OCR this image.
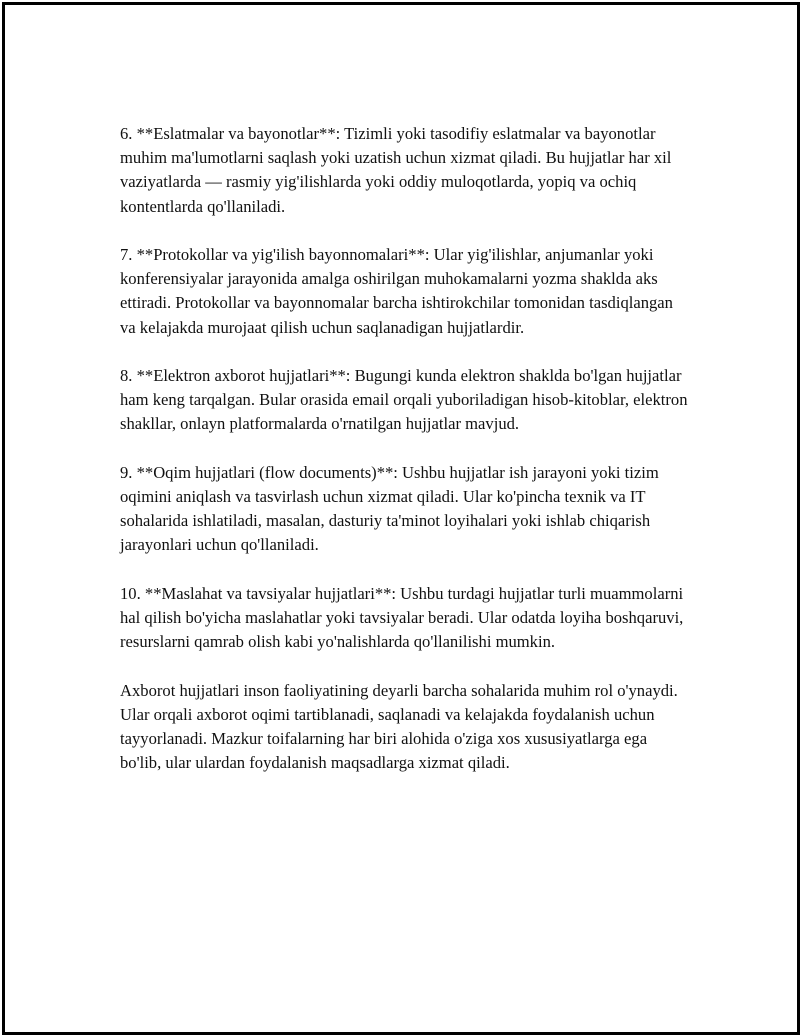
6. **Eslatmalar va bayonotlar**: Tizimli yoki tasodifiy eslatmalar va bayonotlar muhim ma'lumotlarni saqlash yoki uzatish uchun xizmat qiladi. Bu hujjatlar har xil vaziyatlarda — rasmiy yig'ilishlarda yoki oddiy muloqotlarda, yopiq va ochiq kontentlarda qo'llaniladi.

7. **Protokollar va yig'ilish bayonnomalari**: Ular yig'ilishlar, anjumanlar yoki konferensiyalar jarayonida amalga oshirilgan muhokamalarni yozma shaklda aks ettiradi. Protokollar va bayonnomalar barcha ishtirokchilar tomonidan tasdiqlangan va kelajakda murojaat qilish uchun saqlanadigan hujjatlardir.

8. **Elektron axborot hujjatlari**: Bugungi kunda elektron shaklda bo'lgan hujjatlar ham keng tarqalgan. Bular orasida email orqali yuboriladigan hisob-kitoblar, elektron shakllar, onlayn platformalarda o'rnatilgan hujjatlar mavjud.

9. **Oqim hujjatlari (flow documents)**: Ushbu hujjatlar ish jarayoni yoki tizim oqimini aniqlash va tasvirlash uchun xizmat qiladi. Ular ko'pincha texnik va IT sohalarida ishlatiladi, masalan, dasturiy ta'minot loyihalari yoki ishlab chiqarish jarayonlari uchun qo'llaniladi.

10. **Maslahat va tavsiyalar hujjatlari**: Ushbu turdagi hujjatlar turli muammolarni hal qilish bo'yicha maslahatlar yoki tavsiyalar beradi. Ular odatda loyiha boshqaruvi, resurslarni qamrab olish kabi yo'nalishlarda qo'llanilishi mumkin.

Axborot hujjatlari inson faoliyatining deyarli barcha sohalarida muhim rol o'ynaydi. Ular orqali axborot oqimi tartiblanadi, saqlanadi va kelajakda foydalanish uchun tayyorlanadi. Mazkur toifalarning har biri alohida o'ziga xos xususiyatlarga ega bo'lib, ular ulardan foydalanish maqsadlarga xizmat qiladi.
